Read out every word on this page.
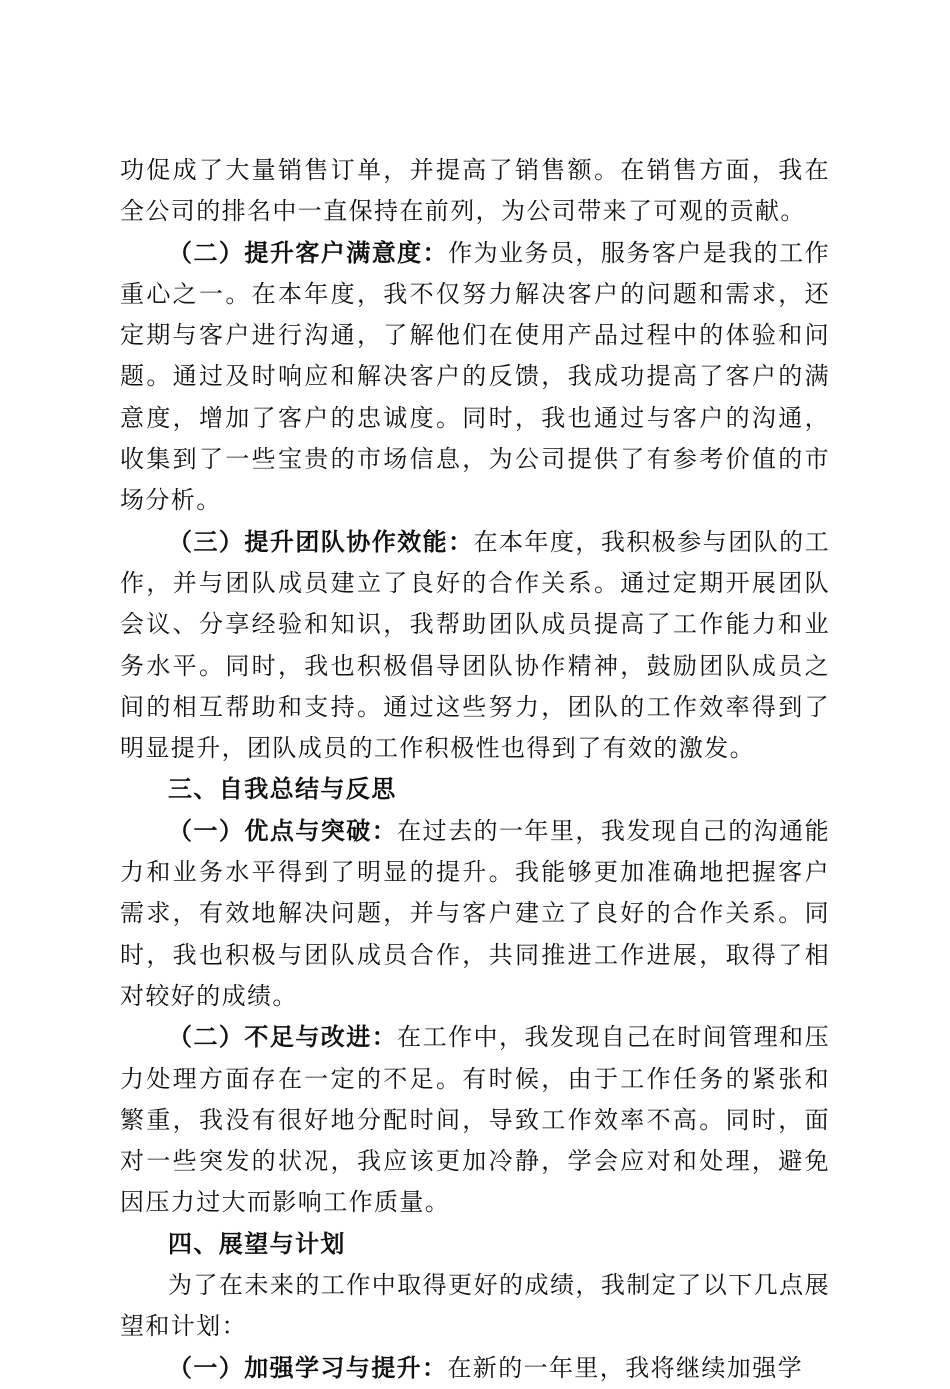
功促成了大量销售订单，并提高了销售额。在销售方面，我在全公司的排名中一直保持在前列，为公司带来了可观的贡献。

（二）提升客户满意度：作为业务员，服务客户是我的工作重心之一。在本年度，我不仅努力解决客户的问题和需求，还定期与客户进行沟通，了解他们在使用产品过程中的体验和问题。通过及时响应和解决客户的反馈，我成功提高了客户的满意度，增加了客户的忠诚度。同时，我也通过与客户的沟通，收集到了一些宝贵的市场信息，为公司提供了有参考价值的市场分析。

（三）提升团队协作效能：在本年度，我积极参与团队的工作，并与团队成员建立了良好的合作关系。通过定期开展团队会议、分享经验和知识，我帮助团队成员提高了工作能力和业务水平。同时，我也积极倡导团队协作精神，鼓励团队成员之间的相互帮助和支持。通过这些努力，团队的工作效率得到了明显提升，团队成员的工作积极性也得到了有效的激发。

三、自我总结与反思

（一）优点与突破：在过去的一年里，我发现自己的沟通能力和业务水平得到了明显的提升。我能够更加准确地把握客户需求，有效地解决问题，并与客户建立了良好的合作关系。同时，我也积极与团队成员合作，共同推进工作进展，取得了相对较好的成绩。

（二）不足与改进：在工作中，我发现自己在时间管理和压力处理方面存在一定的不足。有时候，由于工作任务的紧张和繁重，我没有很好地分配时间，导致工作效率不高。同时，面对一些突发的状况，我应该更加冷静，学会应对和处理，避免因压力过大而影响工作质量。

四、展望与计划

为了在未来的工作中取得更好的成绩，我制定了以下几点展望和计划：

（一）加强学习与提升：在新的一年里，我将继续加强学
